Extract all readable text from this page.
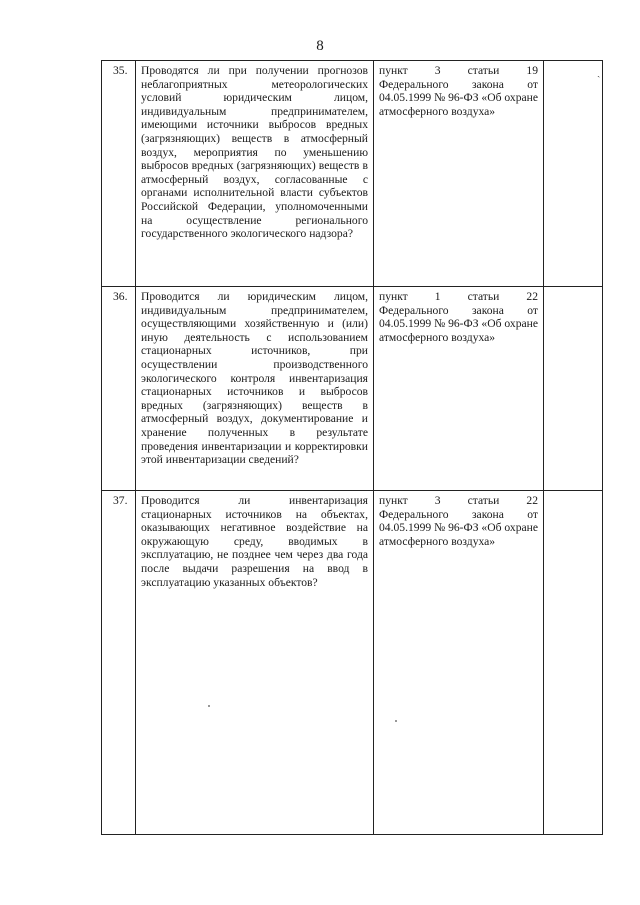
8
ˎ
35.	Проводятся ли при получении прогнозов неблагоприятных метеорологических условий юридическим лицом, индивидуальным предпринимателем, имеющими источники выбросов вредных (загрязняющих) веществ в атмосферный воздух, мероприятия по уменьшению выбросов вредных (загрязняющих) веществ в атмосферный воздух, согласованные с органами исполнительной власти субъектов Российской Федерации, уполномоченными на осуществление регионального государственного экологического надзора?	пункт 3 статьи 19 Федерального закона от 04.05.1999 № 96-ФЗ «Об охране атмосферного воздуха»	
36.	Проводится ли юридическим лицом, индивидуальным предпринимателем, осуществляющими хозяйственную и (или) иную деятельность с использованием стационарных источников, при осуществлении производственного экологического контроля инвентаризация стационарных источников и выбросов вредных (загрязняющих) веществ в атмосферный воздух, документирование и хранение полученных в результате проведения инвентаризации и корректировки этой инвентаризации сведений?	пункт 1 статьи 22 Федерального закона от 04.05.1999 № 96-ФЗ «Об охране атмосферного воздуха»	
37.	Проводится ли инвентаризация стационарных источников на объектах, оказывающих негативное воздействие на окружающую среду, вводимых в эксплуатацию, не позднее чем через два года после выдачи разрешения на ввод в эксплуатацию указанных объектов?	пункт 3 статьи 22 Федерального закона от 04.05.1999 № 96-ФЗ «Об охране атмосферного воздуха»	
